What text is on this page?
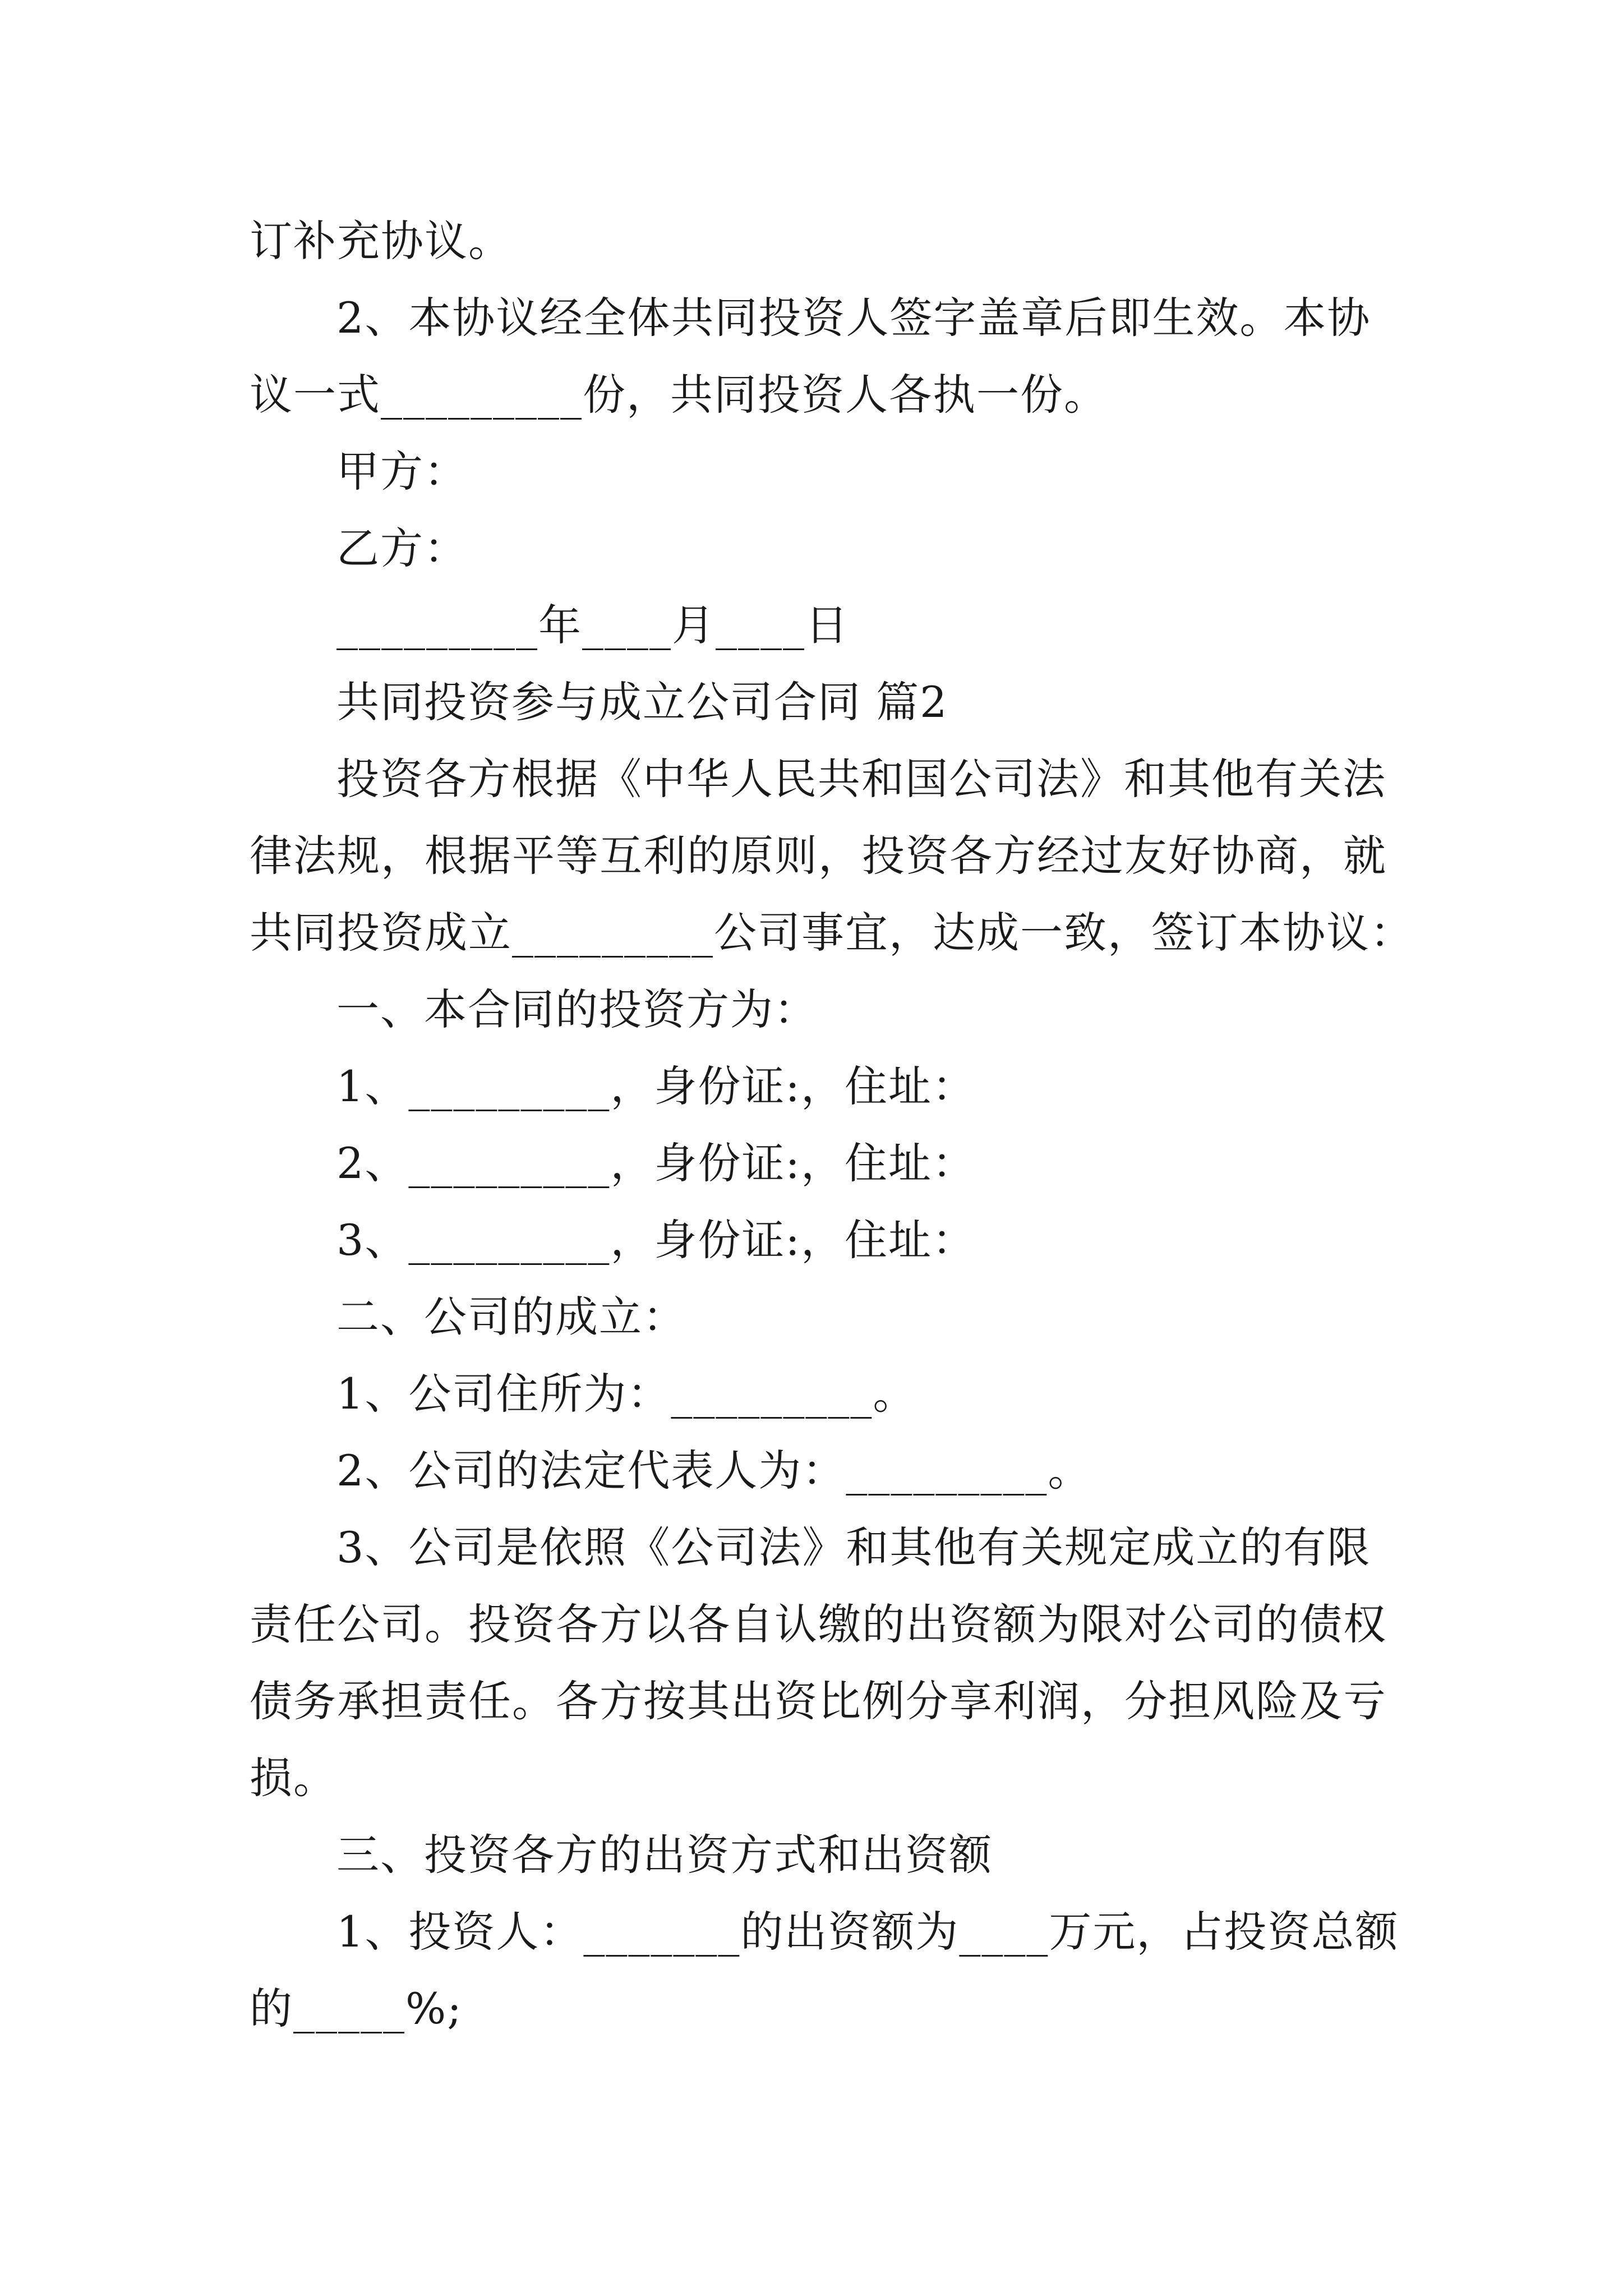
订补充协议。
2、本协议经全体共同投资人签字盖章后即生效。本协
议一式_________份，共同投资人各执一份。
甲方：
乙方：
_________年____月____日
共同投资参与成立公司合同 篇2
投资各方根据《中华人民共和国公司法》和其他有关法
律法规，根据平等互利的原则，投资各方经过友好协商，就
共同投资成立_________公司事宜，达成一致，签订本协议：
一、本合同的投资方为：
1、_________，身份证:，住址：
2、_________，身份证:，住址：
3、_________，身份证:，住址：
二、公司的成立：
1、公司住所为：_________。
2、公司的法定代表人为：_________。
3、公司是依照《公司法》和其他有关规定成立的有限
责任公司。投资各方以各自认缴的出资额为限对公司的债权
债务承担责任。各方按其出资比例分享利润，分担风险及亏
损。
三、投资各方的出资方式和出资额
1、投资人：_______的出资额为____万元，占投资总额
的_____%;
